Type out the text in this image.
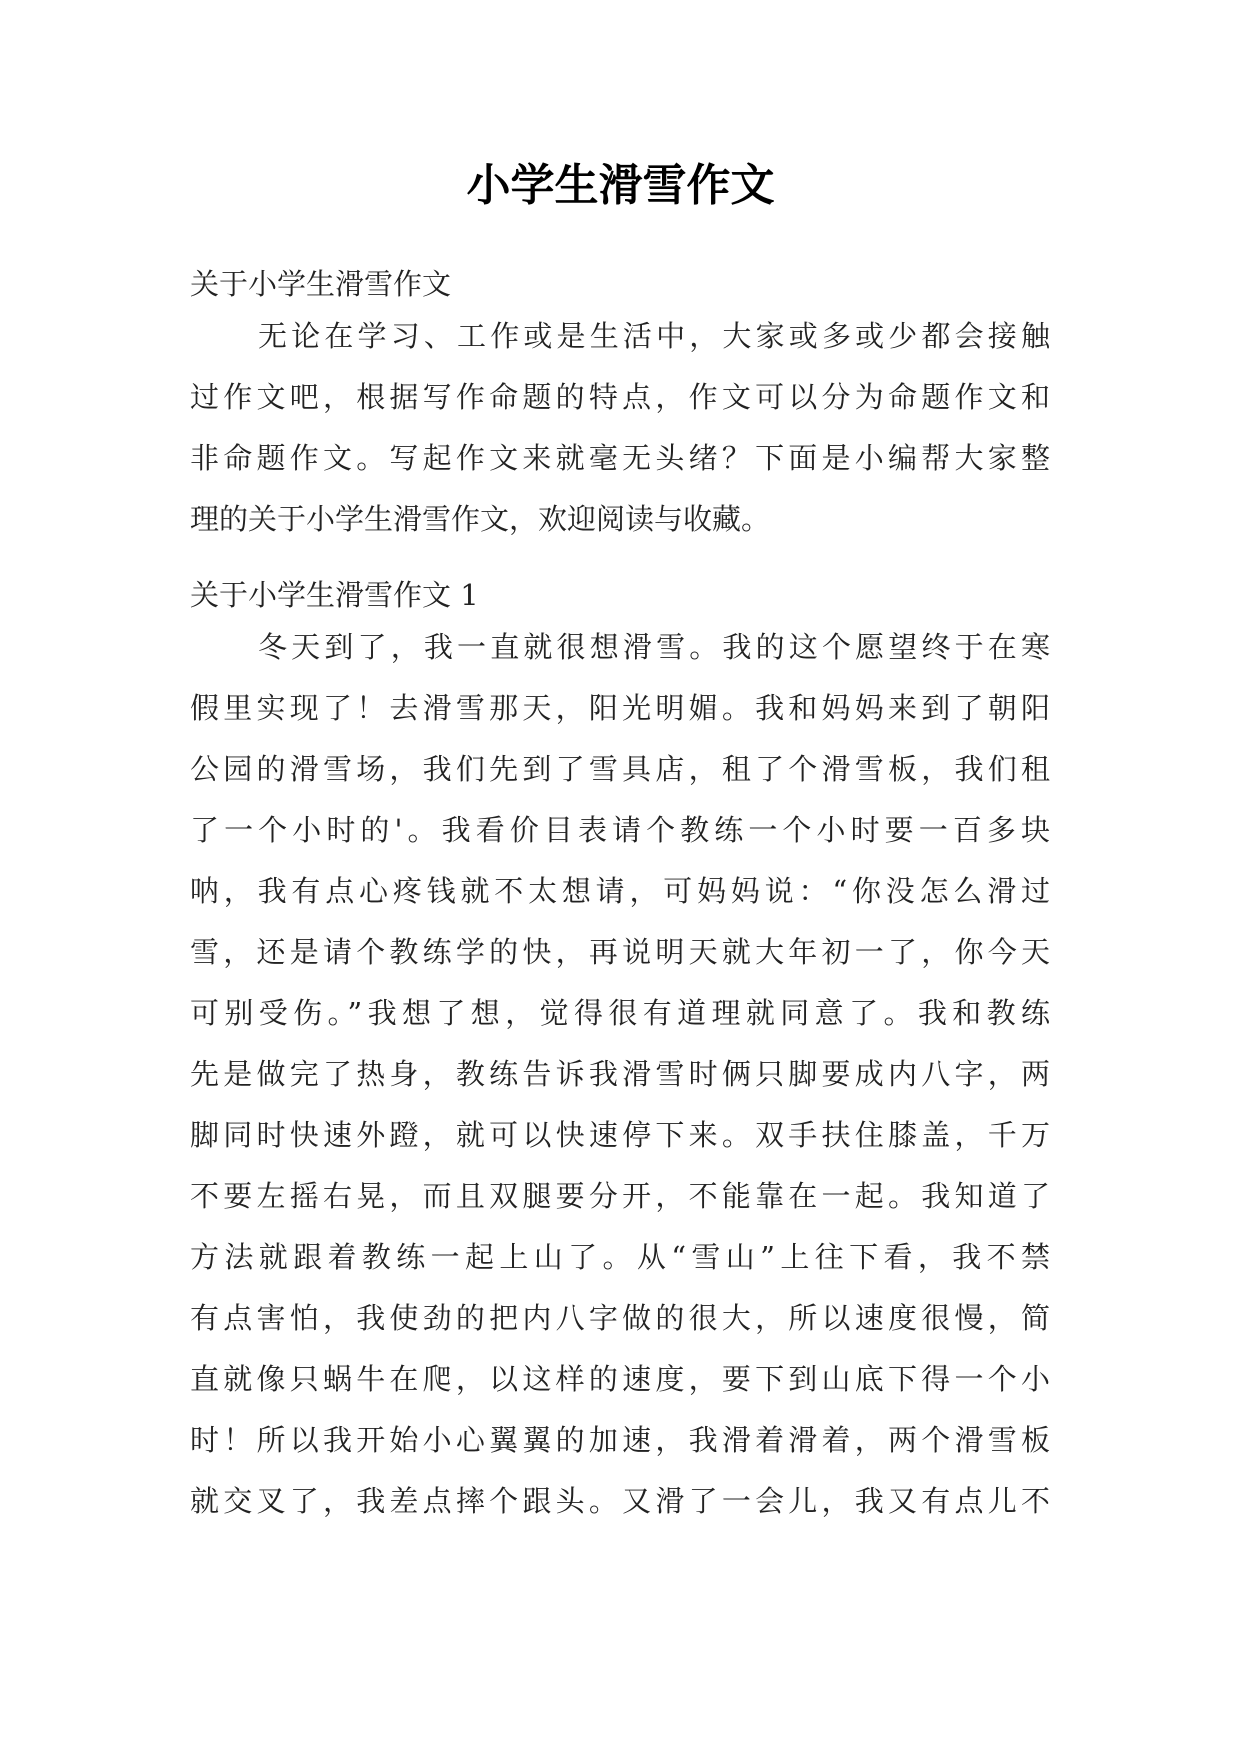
小学生滑雪作文
关于小学生滑雪作文
无论在学习、工作或是生活中，大家或多或少都会接触
过作文吧，根据写作命题的特点，作文可以分为命题作文和
非命题作文。写起作文来就毫无头绪？下面是小编帮大家整
理的关于小学生滑雪作文，欢迎阅读与收藏。
关于小学生滑雪作文 1
冬天到了，我一直就很想滑雪。我的这个愿望终于在寒
假里实现了！去滑雪那天，阳光明媚。我和妈妈来到了朝阳
公园的滑雪场，我们先到了雪具店，租了个滑雪板，我们租
了一个小时的'。我看价目表请个教练一个小时要一百多块
呐，我有点心疼钱就不太想请，可妈妈说：“你没怎么滑过
雪，还是请个教练学的快，再说明天就大年初一了，你今天
可别受伤。”我想了想，觉得很有道理就同意了。我和教练
先是做完了热身，教练告诉我滑雪时俩只脚要成内八字，两
脚同时快速外蹬，就可以快速停下来。双手扶住膝盖，千万
不要左摇右晃，而且双腿要分开，不能靠在一起。我知道了
方法就跟着教练一起上山了。从“雪山”上往下看，我不禁
有点害怕，我使劲的把内八字做的很大，所以速度很慢，简
直就像只蜗牛在爬，以这样的速度，要下到山底下得一个小
时！所以我开始小心翼翼的加速，我滑着滑着，两个滑雪板
就交叉了，我差点摔个跟头。又滑了一会儿，我又有点儿不
